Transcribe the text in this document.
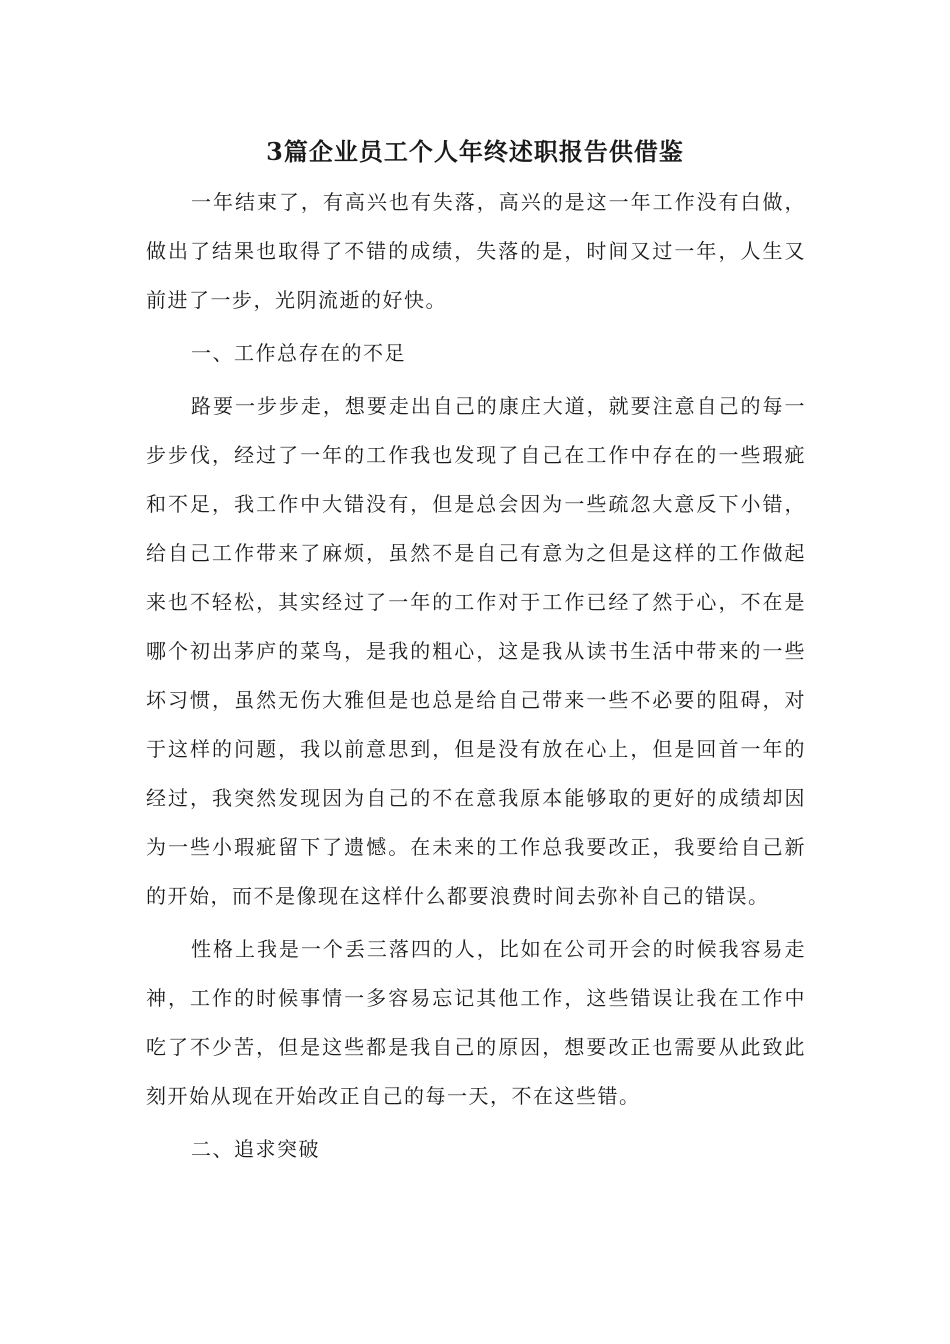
3篇企业员工个人年终述职报告供借鉴

一年结束了，有高兴也有失落，高兴的是这一年工作没有白做，做出了结果也取得了不错的成绩，失落的是，时间又过一年，人生又前进了一步，光阴流逝的好快。

一、工作总存在的不足

路要一步步走，想要走出自己的康庄大道，就要注意自己的每一步步伐，经过了一年的工作我也发现了自己在工作中存在的一些瑕疵和不足，我工作中大错没有，但是总会因为一些疏忽大意反下小错，给自己工作带来了麻烦，虽然不是自己有意为之但是这样的工作做起来也不轻松，其实经过了一年的工作对于工作已经了然于心，不在是哪个初出茅庐的菜鸟，是我的粗心，这是我从读书生活中带来的一些坏习惯，虽然无伤大雅但是也总是给自己带来一些不必要的阻碍，对于这样的问题，我以前意思到，但是没有放在心上，但是回首一年的经过，我突然发现因为自己的不在意我原本能够取的更好的成绩却因为一些小瑕疵留下了遗憾。在未来的工作总我要改正，我要给自己新的开始，而不是像现在这样什么都要浪费时间去弥补自己的错误。

性格上我是一个丢三落四的人，比如在公司开会的时候我容易走神，工作的时候事情一多容易忘记其他工作，这些错误让我在工作中吃了不少苦，但是这些都是我自己的原因，想要改正也需要从此致此刻开始从现在开始改正自己的每一天，不在这些错。

二、追求突破
